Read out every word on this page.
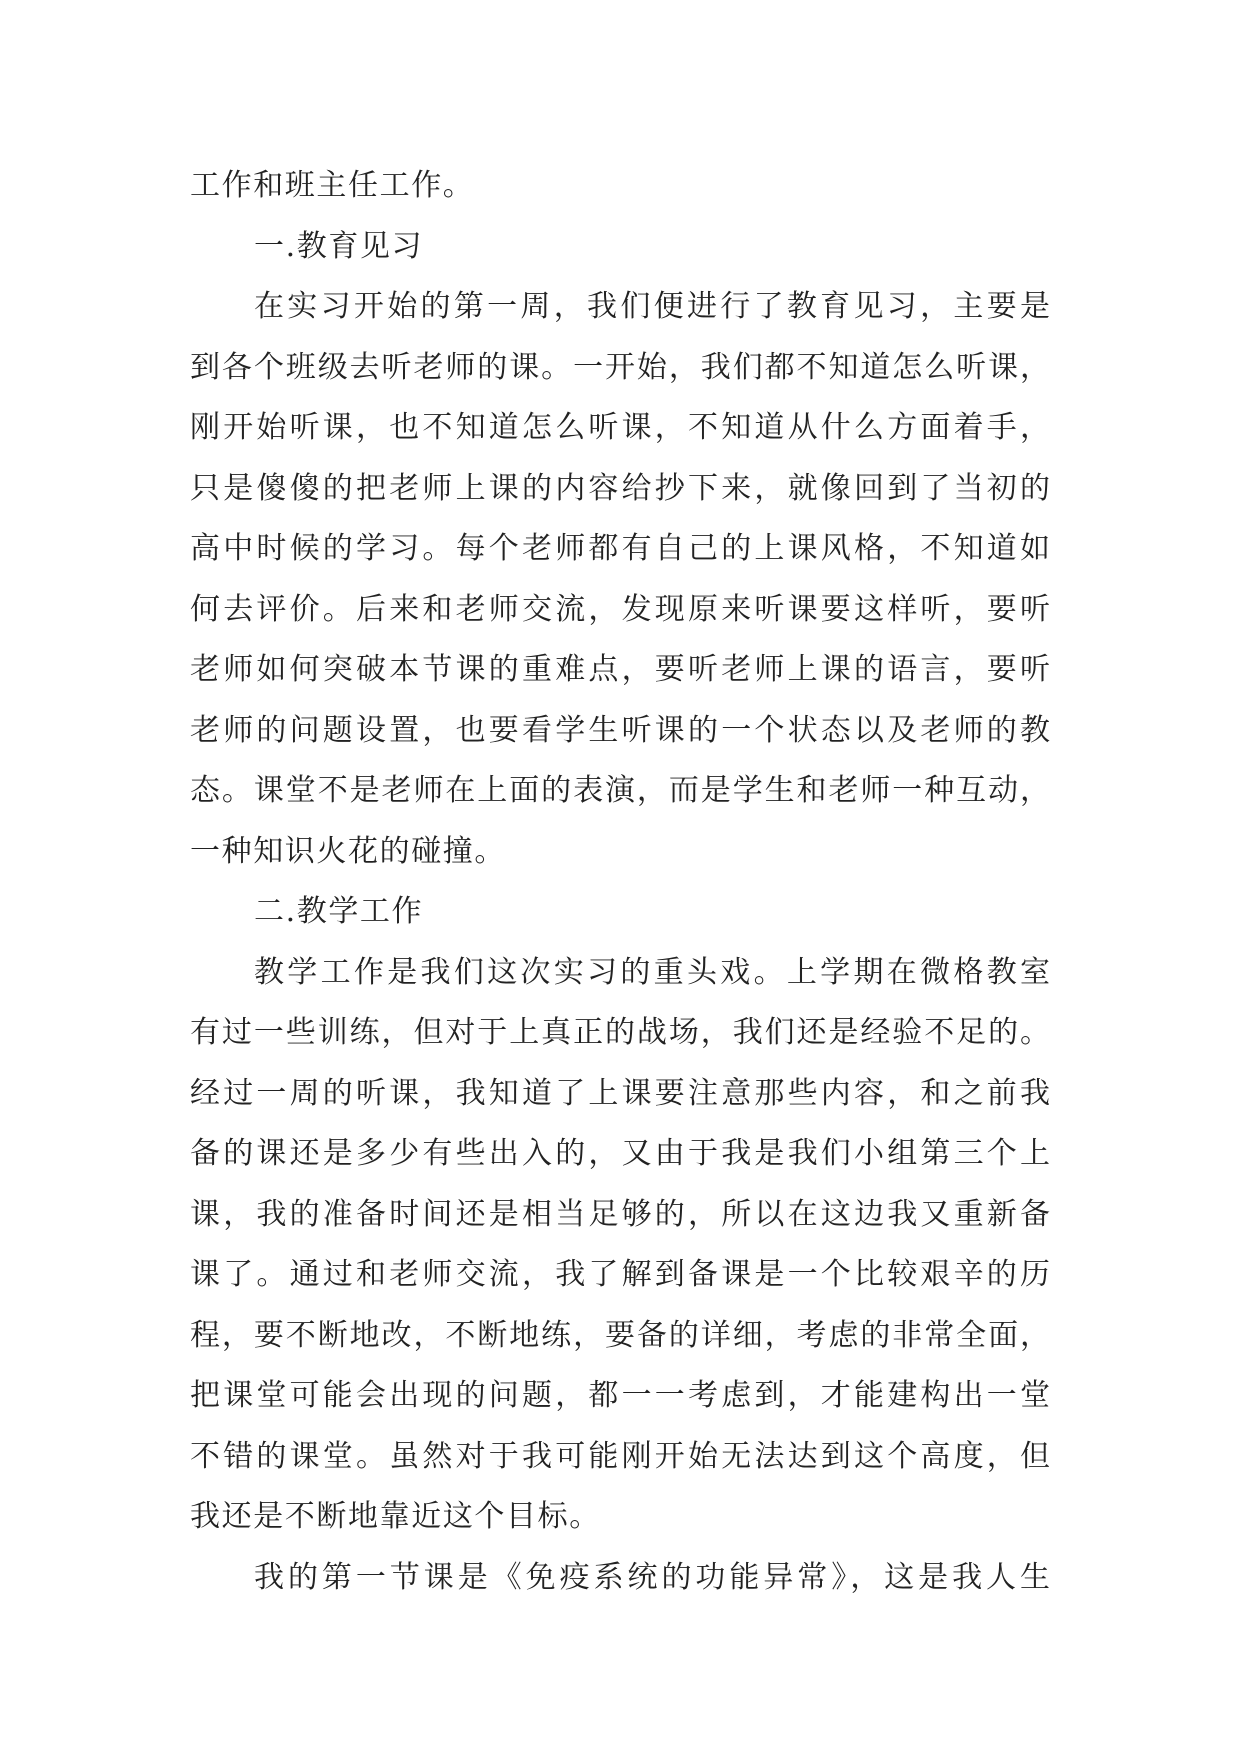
工作和班主任工作。
一.教育见习
在实习开始的第一周，我们便进行了教育见习，主要是
到各个班级去听老师的课。一开始，我们都不知道怎么听课，
刚开始听课，也不知道怎么听课，不知道从什么方面着手，
只是傻傻的把老师上课的内容给抄下来，就像回到了当初的
高中时候的学习。每个老师都有自己的上课风格，不知道如
何去评价。后来和老师交流，发现原来听课要这样听，要听
老师如何突破本节课的重难点，要听老师上课的语言，要听
老师的问题设置，也要看学生听课的一个状态以及老师的教
态。课堂不是老师在上面的表演，而是学生和老师一种互动，
一种知识火花的碰撞。
二.教学工作
教学工作是我们这次实习的重头戏。上学期在微格教室
有过一些训练，但对于上真正的战场，我们还是经验不足的。
经过一周的听课，我知道了上课要注意那些内容，和之前我
备的课还是多少有些出入的，又由于我是我们小组第三个上
课，我的准备时间还是相当足够的，所以在这边我又重新备
课了。通过和老师交流，我了解到备课是一个比较艰辛的历
程，要不断地改，不断地练，要备的详细，考虑的非常全面，
把课堂可能会出现的问题，都一一考虑到，才能建构出一堂
不错的课堂。虽然对于我可能刚开始无法达到这个高度，但
我还是不断地靠近这个目标。
我的第一节课是《免疫系统的功能异常》，这是我人生
